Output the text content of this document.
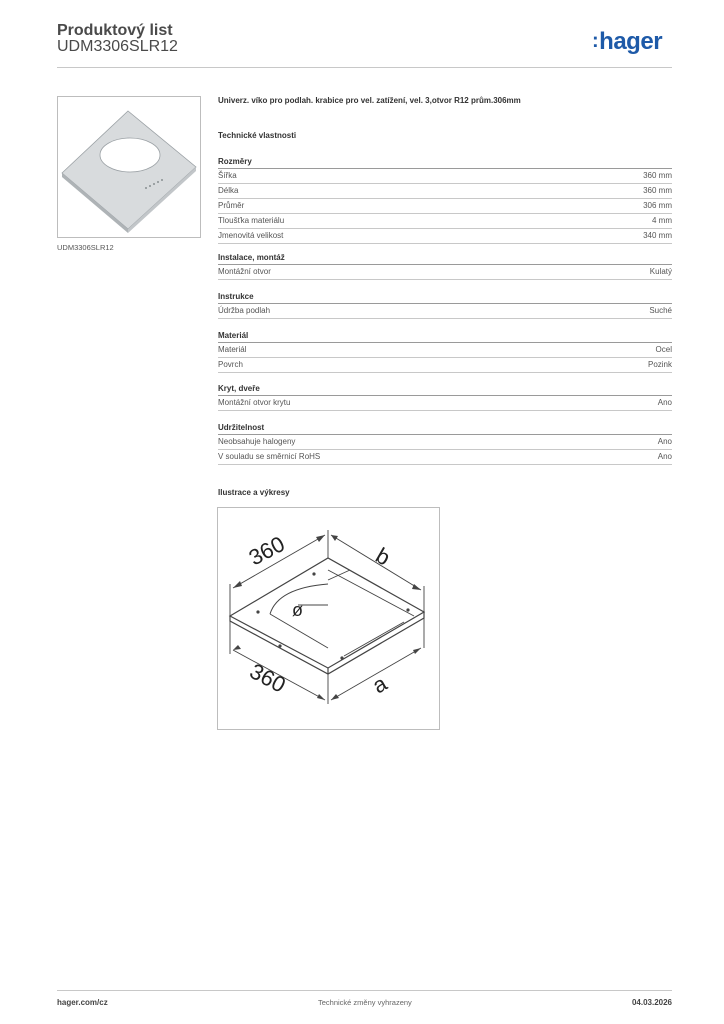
Produktový list
UDM3306SLR12	:hager
UDM3306SLR12
Univerz. víko pro podlah. krabice pro vel. zatížení, vel. 3,otvor R12 prům.306mm
Technické vlastnosti
Rozměry
Šířka	360 mm
Délka	360 mm
Průměr	306 mm
Tloušťka materiálu	4 mm
Jmenovitá velikost	340 mm
Instalace, montáž
Montážní otvor	Kulatý
Instrukce
Údržba podlah	Suché
Materiál
Materiál	Ocel
Povrch	Pozink
Kryt, dveře
Montážní otvor krytu	Ano
Udržitelnost
Neobsahuje halogeny	Ano
V souladu se směrnicí RoHS	Ano
Ilustrace a výkresy
360	b
360	a
ø
hager.com/cz	Technické změny vyhrazeny	04.03.2026
